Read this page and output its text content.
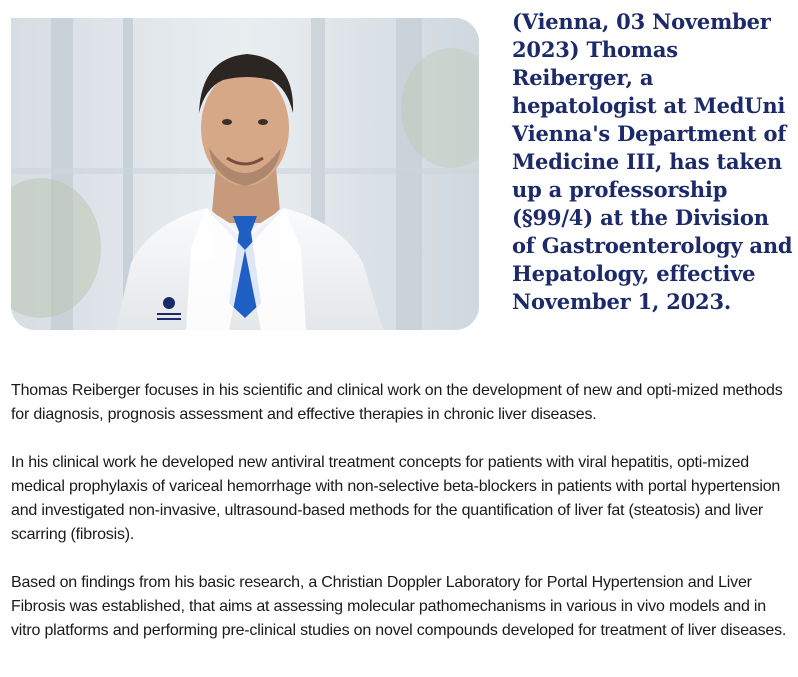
(Vienna, 03 November 2023) Thomas Reiberger, a hepatologist at MedUni Vienna's Department of Medicine III, has taken up a professorship (§99/4) at the Division of Gastroenterology and Hepatology, effective November 1, 2023.

Thomas Reiberger focuses in his scientific and clinical work on the development of new and opti-mized methods for diagnosis, prognosis assessment and effective therapies in chronic liver diseases.

In his clinical work he developed new antiviral treatment concepts for patients with viral hepatitis, opti-mized medical prophylaxis of variceal hemorrhage with non-selective beta-blockers in patients with portal hypertension and investigated non-invasive, ultrasound-based methods for the quantification of liver fat (steatosis) and liver scarring (fibrosis).

Based on findings from his basic research, a Christian Doppler Laboratory for Portal Hypertension and Liver Fibrosis was established, that aims at assessing molecular pathomechanisms in various in vivo models and in vitro platforms and performing pre-clinical studies on novel compounds developed for treatment of liver diseases.
